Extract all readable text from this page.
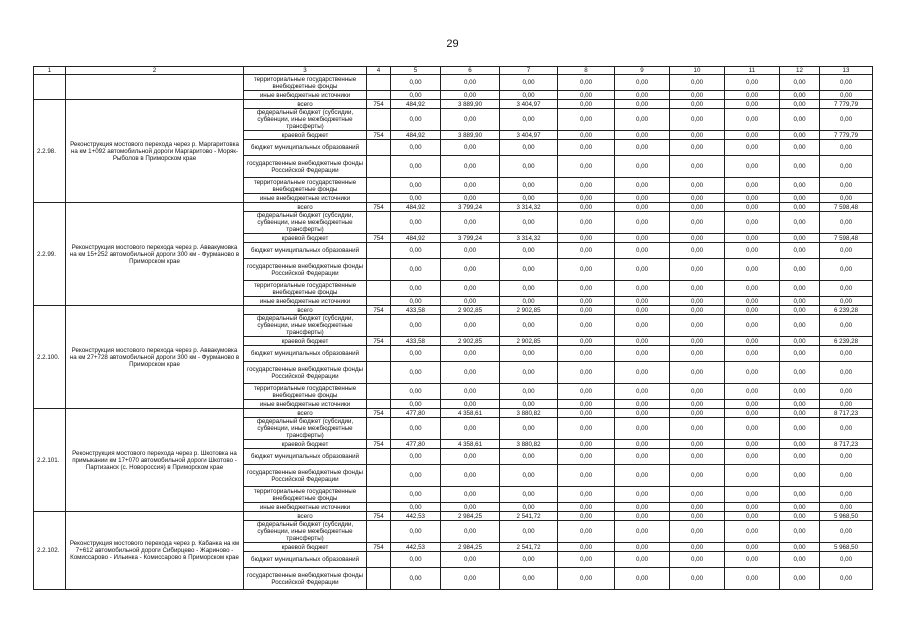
29
1	2	3	4	5	6	7	8	9	10	11	12	13
		территориальные государственные внебюджетные фонды		0,00	0,00	0,00	0,00	0,00	0,00	0,00	0,00	0,00
		иные внебюджетные источники		0,00	0,00	0,00	0,00	0,00	0,00	0,00	0,00	0,00
2.2.98.	Реконструкция мостового перехода через р. Маргаритовка на км 1+092 автомобильной дороги Маргаритово - Моряк-Рыболов в Приморском крае	всего	754	484,92	3 889,90	3 404,97	0,00	0,00	0,00	0,00	0,00	7 779,79
		федеральный бюджет (субсидии, субвенции, иные межбюджетные трансферты)		0,00	0,00	0,00	0,00	0,00	0,00	0,00	0,00	0,00
		краевой бюджет	754	484,92	3 889,90	3 404,97	0,00	0,00	0,00	0,00	0,00	7 779,79
		бюджет муниципальных образований		0,00	0,00	0,00	0,00	0,00	0,00	0,00	0,00	0,00
		государственные внебюджетные фонды Российской Федерации		0,00	0,00	0,00	0,00	0,00	0,00	0,00	0,00	0,00
		территориальные государственные внебюджетные фонды		0,00	0,00	0,00	0,00	0,00	0,00	0,00	0,00	0,00
		иные внебюджетные источники		0,00	0,00	0,00	0,00	0,00	0,00	0,00	0,00	0,00
2.2.99.	Реконструкция мостового перехода через р. Аввакумовка на км 15+252 автомобильной дороги 300 км - Фурманово в Приморском крае	всего	754	484,92	3 799,24	3 314,32	0,00	0,00	0,00	0,00	0,00	7 598,48
		федеральный бюджет (субсидии, субвенции, иные межбюджетные трансферты)		0,00	0,00	0,00	0,00	0,00	0,00	0,00	0,00	0,00
		краевой бюджет	754	484,92	3 799,24	3 314,32	0,00	0,00	0,00	0,00	0,00	7 598,48
		бюджет муниципальных образований		0,00	0,00	0,00	0,00	0,00	0,00	0,00	0,00	0,00
		государственные внебюджетные фонды Российской Федерации		0,00	0,00	0,00	0,00	0,00	0,00	0,00	0,00	0,00
		территориальные государственные внебюджетные фонды		0,00	0,00	0,00	0,00	0,00	0,00	0,00	0,00	0,00
		иные внебюджетные источники		0,00	0,00	0,00	0,00	0,00	0,00	0,00	0,00	0,00
2.2.100.	Реконструкция мостового перехода через р. Аввакумовка на км 27+728 автомобильной дороги 300 км - Фурманово в Приморском крае	всего	754	433,58	2 902,85	2 902,85	0,00	0,00	0,00	0,00	0,00	6 239,28
		федеральный бюджет (субсидии, субвенции, иные межбюджетные трансферты)		0,00	0,00	0,00	0,00	0,00	0,00	0,00	0,00	0,00
		краевой бюджет	754	433,58	2 902,85	2 902,85	0,00	0,00	0,00	0,00	0,00	6 239,28
		бюджет муниципальных образований		0,00	0,00	0,00	0,00	0,00	0,00	0,00	0,00	0,00
		государственные внебюджетные фонды Российской Федерации		0,00	0,00	0,00	0,00	0,00	0,00	0,00	0,00	0,00
		территориальные государственные внебюджетные фонды		0,00	0,00	0,00	0,00	0,00	0,00	0,00	0,00	0,00
		иные внебюджетные источники		0,00	0,00	0,00	0,00	0,00	0,00	0,00	0,00	0,00
2.2.101.	Реконструкция мостового перехода через р. Шкотовка на примыкании км 17+070 автомобильной дороги Шкотово - Партизанск (с. Новороссия) в Приморском крае	всего	754	477,80	4 358,61	3 880,82	0,00	0,00	0,00	0,00	0,00	8 717,23
		федеральный бюджет (субсидии, субвенции, иные межбюджетные трансферты)		0,00	0,00	0,00	0,00	0,00	0,00	0,00	0,00	0,00
		краевой бюджет	754	477,80	4 358,61	3 880,82	0,00	0,00	0,00	0,00	0,00	8 717,23
		бюджет муниципальных образований		0,00	0,00	0,00	0,00	0,00	0,00	0,00	0,00	0,00
		государственные внебюджетные фонды Российской Федерации		0,00	0,00	0,00	0,00	0,00	0,00	0,00	0,00	0,00
		территориальные государственные внебюджетные фонды		0,00	0,00	0,00	0,00	0,00	0,00	0,00	0,00	0,00
		иные внебюджетные источники		0,00	0,00	0,00	0,00	0,00	0,00	0,00	0,00	0,00
2.2.102.	Реконструкция мостового перехода через р. Кабанка на км 7+612 автомобильной дороги Сибирцево - Жариново - Комиссарово - Ильинка - Комиссарово в Приморском крае	всего	754	442,53	2 984,25	2 541,72	0,00	0,00	0,00	0,00	0,00	5 968,50
		федеральный бюджет (субсидии, субвенции, иные межбюджетные трансферты)		0,00	0,00	0,00	0,00	0,00	0,00	0,00	0,00	0,00
		краевой бюджет	754	442,53	2 984,25	2 541,72	0,00	0,00	0,00	0,00	0,00	5 968,50
		бюджет муниципальных образований		0,00	0,00	0,00	0,00	0,00	0,00	0,00	0,00	0,00
		государственные внебюджетные фонды Российской Федерации		0,00	0,00	0,00	0,00	0,00	0,00	0,00	0,00	0,00
